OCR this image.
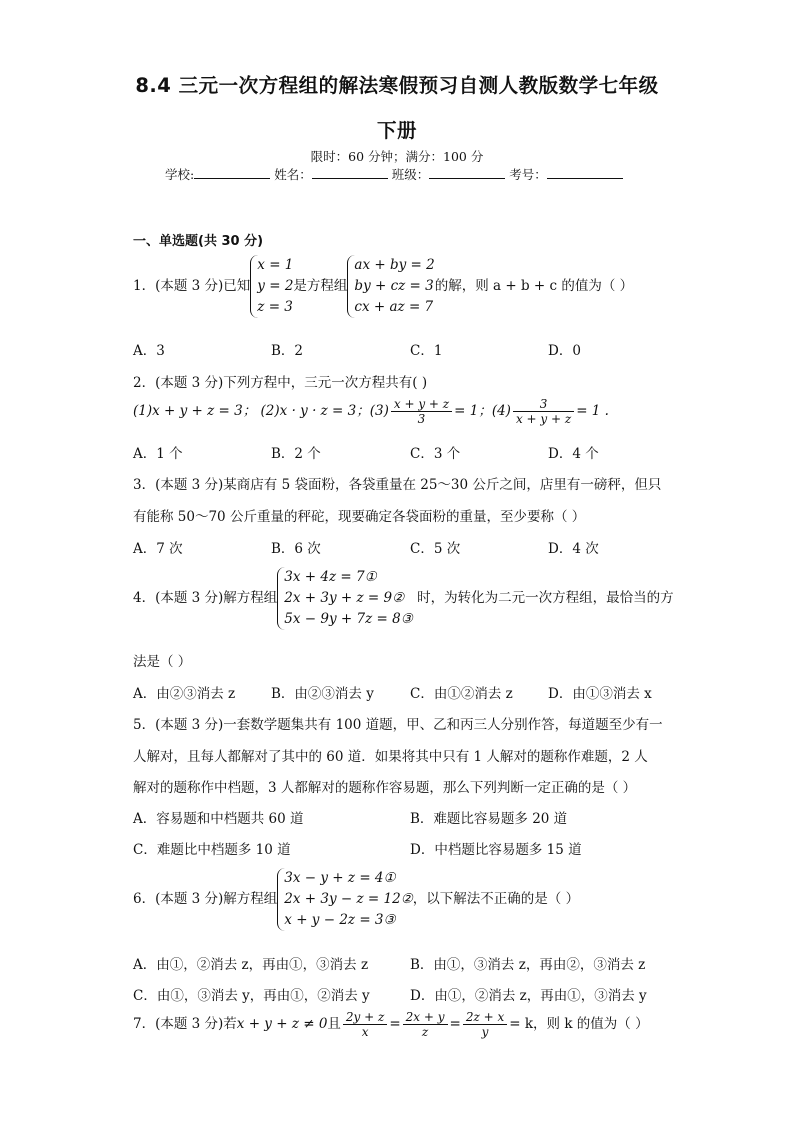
8.4 三元一次方程组的解法寒假预习自测人教版数学七年级
下册
限时：60 分钟；满分：100 分
学校:	姓名：	班级：	考号：
一、单选题(共 30 分)
1．(本题 3 分)已知
x = 1
y = 2
z = 3
是方程组
ax + by = 2
by + cz = 3
cx + az = 7
的解，则 a + b + c 的值为（ ）
A．3	B．2	C．1	D．0
2．(本题 3 分)下列方程中，三元一次方程共有( )
(1)x + y + z = 3； (2)x · y · z = 3；$(3) \frac{x + y + z}{3} = 1$；$(4) \frac{3}{x + y + z} = 1$ .
A．1 个	B．2 个	C．3 个	D．4 个
3．(本题 3 分)某商店有 5 袋面粉，各袋重量在 25～30 公斤之间，店里有一磅秤，但只
有能称 50～70 公斤重量的秤砣，现要确定各袋面粉的重量，至少要称（ ）
A．7 次	B．6 次	C．5 次	D．4 次
4．(本题 3 分)解方程组
3x + 4z = 7①
2x + 3y + z = 9②
5x − 9y + 7z = 8③
时，为转化为二元一次方程组，最恰当的方
法是（ ）
A．由②③消去 z	B．由②③消去 y	C．由①②消去 z	D．由①③消去 x
5．(本题 3 分)一套数学题集共有 100 道题，甲、乙和丙三人分别作答，每道题至少有一
人解对，且每人都解对了其中的 60 道．如果将其中只有 1 人解对的题称作难题，2 人
解对的题称作中档题，3 人都解对的题称作容易题，那么下列判断一定正确的是（ ）
A．容易题和中档题共 60 道	B．难题比容易题多 20 道
C．难题比中档题多 10 道	D．中档题比容易题多 15 道
6．(本题 3 分)解方程组
3x − y + z = 4①
2x + 3y − z = 12②
x + y − 2z = 3③
，以下解法不正确的是（ ）
A．由①，②消去 z，再由①，③消去 z	B．由①，③消去 z，再由②，③消去 z
C．由①，③消去 y，再由①，②消去 y	D．由①，②消去 z，再由①，③消去 y
7．(本题 3 分)若x + y + z ≠ 0且 $\frac{2y + z}{x} = \frac{2x + y}{z} = \frac{2z + x}{y} = k$，则 k 的值为（ ）
